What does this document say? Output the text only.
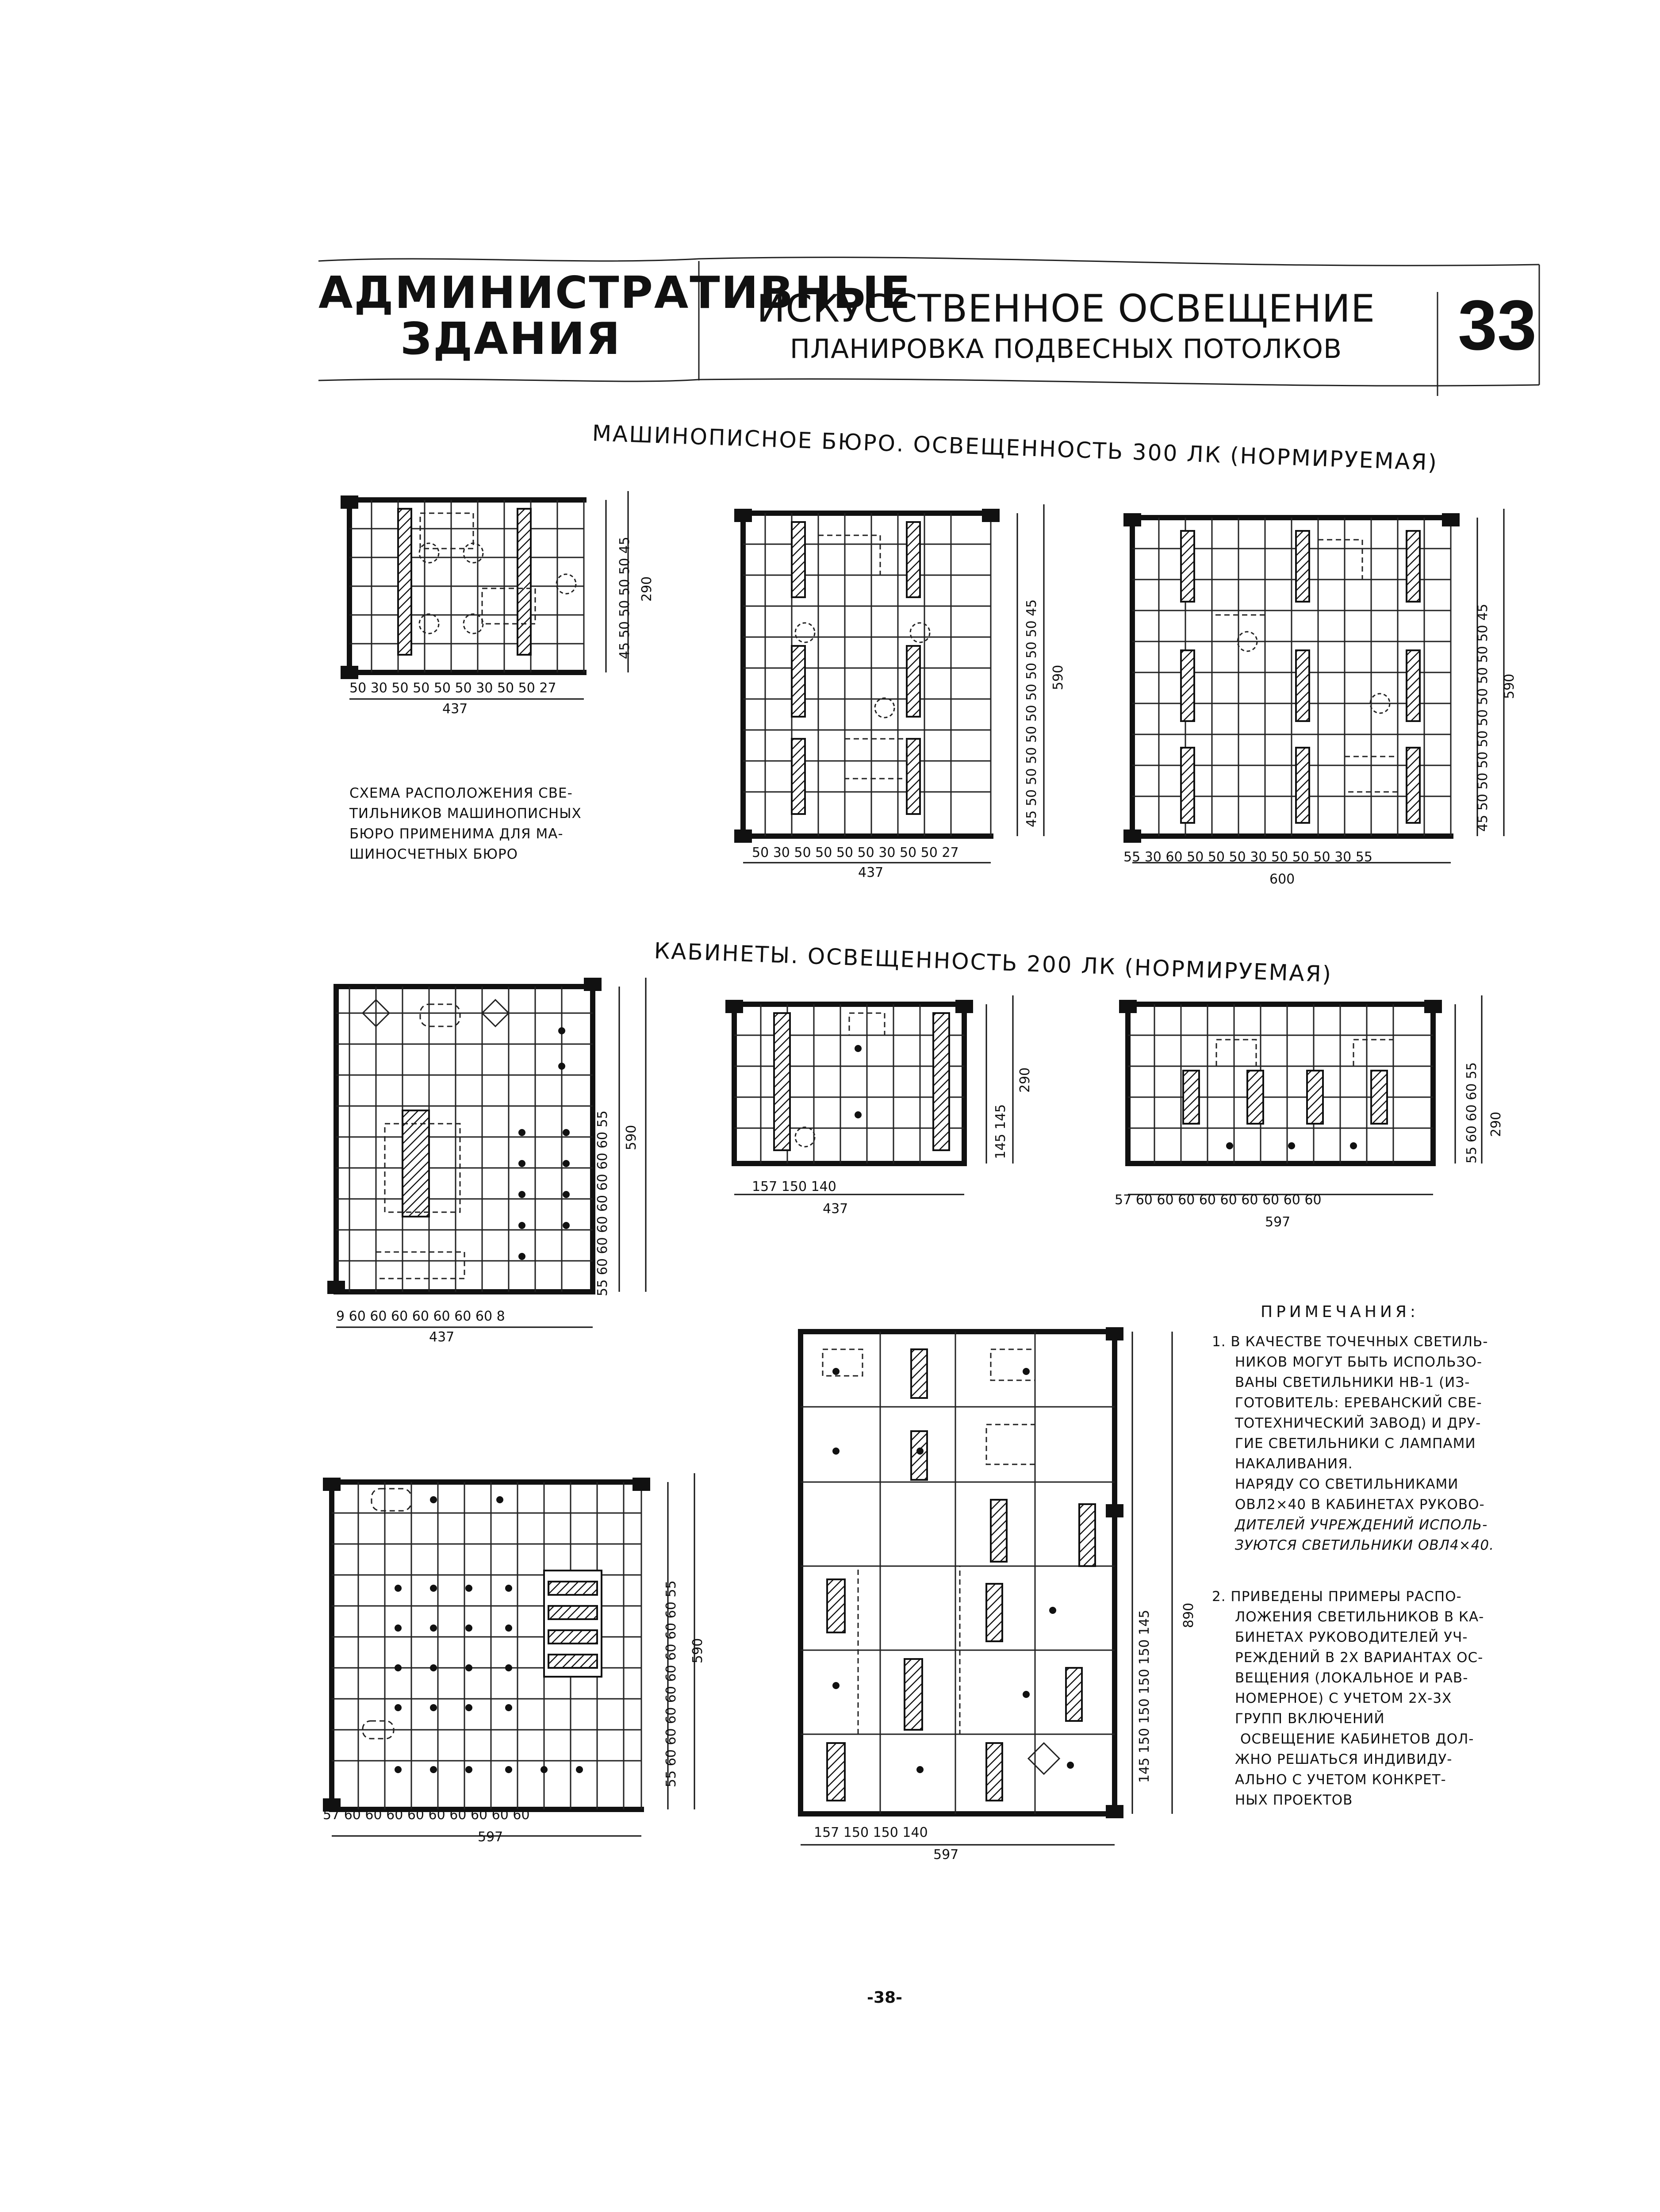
АДМИНИСТРАТИВНЫЕ
ЗДАНИЯ
ИСКУССТВЕННОЕ ОСВЕЩЕНИЕ
ПЛАНИРОВКА ПОДВЕСНЫХ ПОТОЛКОВ	33
МАШИНОПИСНОЕ БЮРО. ОСВЕЩЕННОСТЬ 300 ЛК (НОРМИРУЕМАЯ)
КАБИНЕТЫ. ОСВЕЩЕННОСТЬ 200 ЛК (НОРМИРУЕМАЯ)
50 30 50 50 50 50 30 50 50 27
437
45 50 50 50 50 45 290
50 30 50 50 50 50 30 50 50 27
437
45 50 50 50 50 50 50 50 50 50 45 590
55 30 60 50 50 50 30 50 50 50 30 55
600
45 50 50 50 50 50 50 50 50 50 45 590
СХЕМА РАСПОЛОЖЕНИЯ СВЕ-
ТИЛЬНИКОВ МАШИНОПИСНЫХ
БЮРО ПРИМЕНИМА ДЛЯ МА-
ШИНОСЧЕТНЫХ БЮРО
9 60 60 60 60 60 60 60 8
437
55 60 60 60 60 60 60 60 55 590
157 150 140
437
145 145
290
57 60 60 60 60 60 60 60 60 60
597
55 60 60 60 55 290
57 60 60 60 60 60 60 60 60 60
597
55 60 60 60 60 60 60 60 60 55 590
157 150 150 140
597
145 150 150 150 150 145 890
ПРИМЕЧАНИЯ:
1. В КАЧЕСТВЕ ТОЧЕЧНЫХ СВЕТИЛЬ-
НИКОВ МОГУТ БЫТЬ ИСПОЛЬЗО-
ВАНЫ СВЕТИЛЬНИКИ НВ-1 (ИЗ-
ГОТОВИТЕЛЬ: ЕРЕВАНСКИЙ СВЕ-
ТОТЕХНИЧЕСКИЙ ЗАВОД) И ДРУ-
ГИЕ СВЕТИЛЬНИКИ С ЛАМПАМИ
НАКАЛИВАНИЯ.
НАРЯДУ СО СВЕТИЛЬНИКАМИ
ОВЛ2×40 В КАБИНЕТАХ РУКОВО-
ДИТЕЛЕЙ УЧРЕЖДЕНИЙ ИСПОЛЬ-
ЗУЮТСЯ СВЕТИЛЬНИКИ ОВЛ4×40.
2. ПРИВЕДЕНЫ ПРИМЕРЫ РАСПО-
ЛОЖЕНИЯ СВЕТИЛЬНИКОВ В КА-
БИНЕТАХ РУКОВОДИТЕЛЕЙ УЧ-
РЕЖДЕНИЙ В 2Х ВАРИАНТАХ ОС-
ВЕЩЕНИЯ (ЛОКАЛЬНОЕ И РАВ-
НОМЕРНОЕ) С УЧЕТОМ 2Х-3Х
ГРУПП ВКЛЮЧЕНИЙ
ОСВЕЩЕНИЕ КАБИНЕТОВ ДОЛ-
ЖНО РЕШАТЬСЯ ИНДИВИДУ-
АЛЬНО С УЧЕТОМ КОНКРЕТ-
НЫХ ПРОЕКТОВ
-38-
